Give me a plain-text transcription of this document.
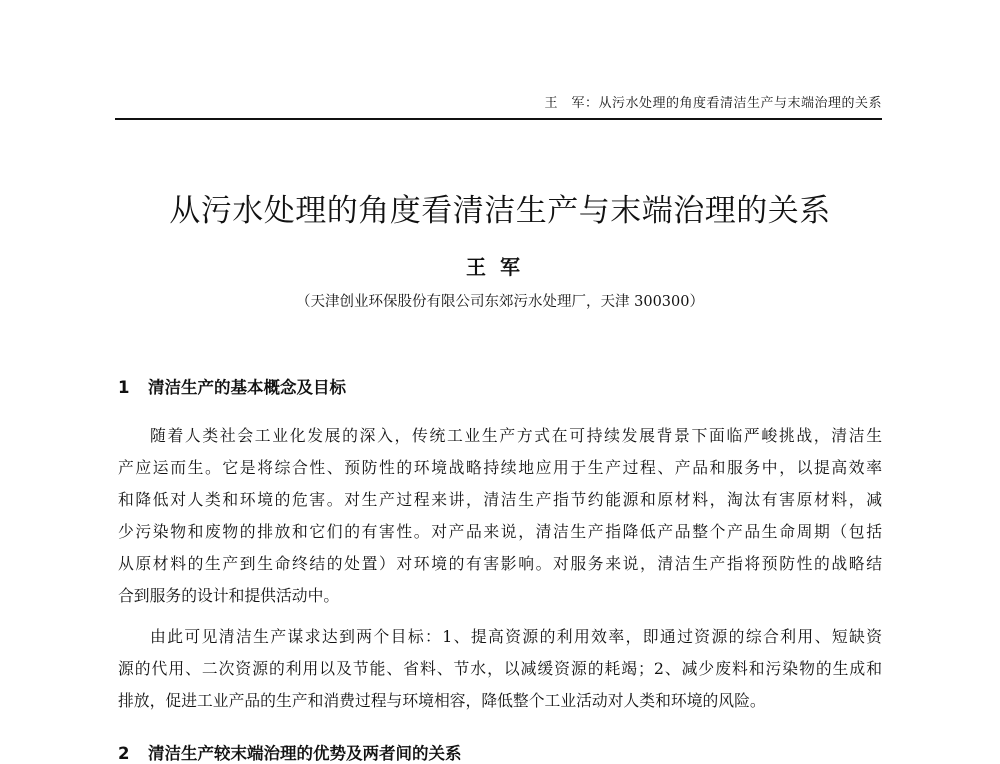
王　军：从污水处理的角度看清洁生产与末端治理的关系
从污水处理的角度看清洁生产与末端治理的关系
王军
（天津创业环保股份有限公司东郊污水处理厂，天津 300300）
1 清洁生产的基本概念及目标
随着人类社会工业化发展的深入，传统工业生产方式在可持续发展背景下面临严峻挑战，清洁生
产应运而生。它是将综合性、预防性的环境战略持续地应用于生产过程、产品和服务中，以提高效率
和降低对人类和环境的危害。对生产过程来讲，清洁生产指节约能源和原材料，淘汰有害原材料，减
少污染物和废物的排放和它们的有害性。对产品来说，清洁生产指降低产品整个产品生命周期（包括
从原材料的生产到生命终结的处置）对环境的有害影响。对服务来说，清洁生产指将预防性的战略结
合到服务的设计和提供活动中。
由此可见清洁生产谋求达到两个目标：1、提高资源的利用效率，即通过资源的综合利用、短缺资
源的代用、二次资源的利用以及节能、省料、节水，以减缓资源的耗竭；2、减少废料和污染物的生成和
排放，促进工业产品的生产和消费过程与环境相容，降低整个工业活动对人类和环境的风险。
2 清洁生产较末端治理的优势及两者间的关系
